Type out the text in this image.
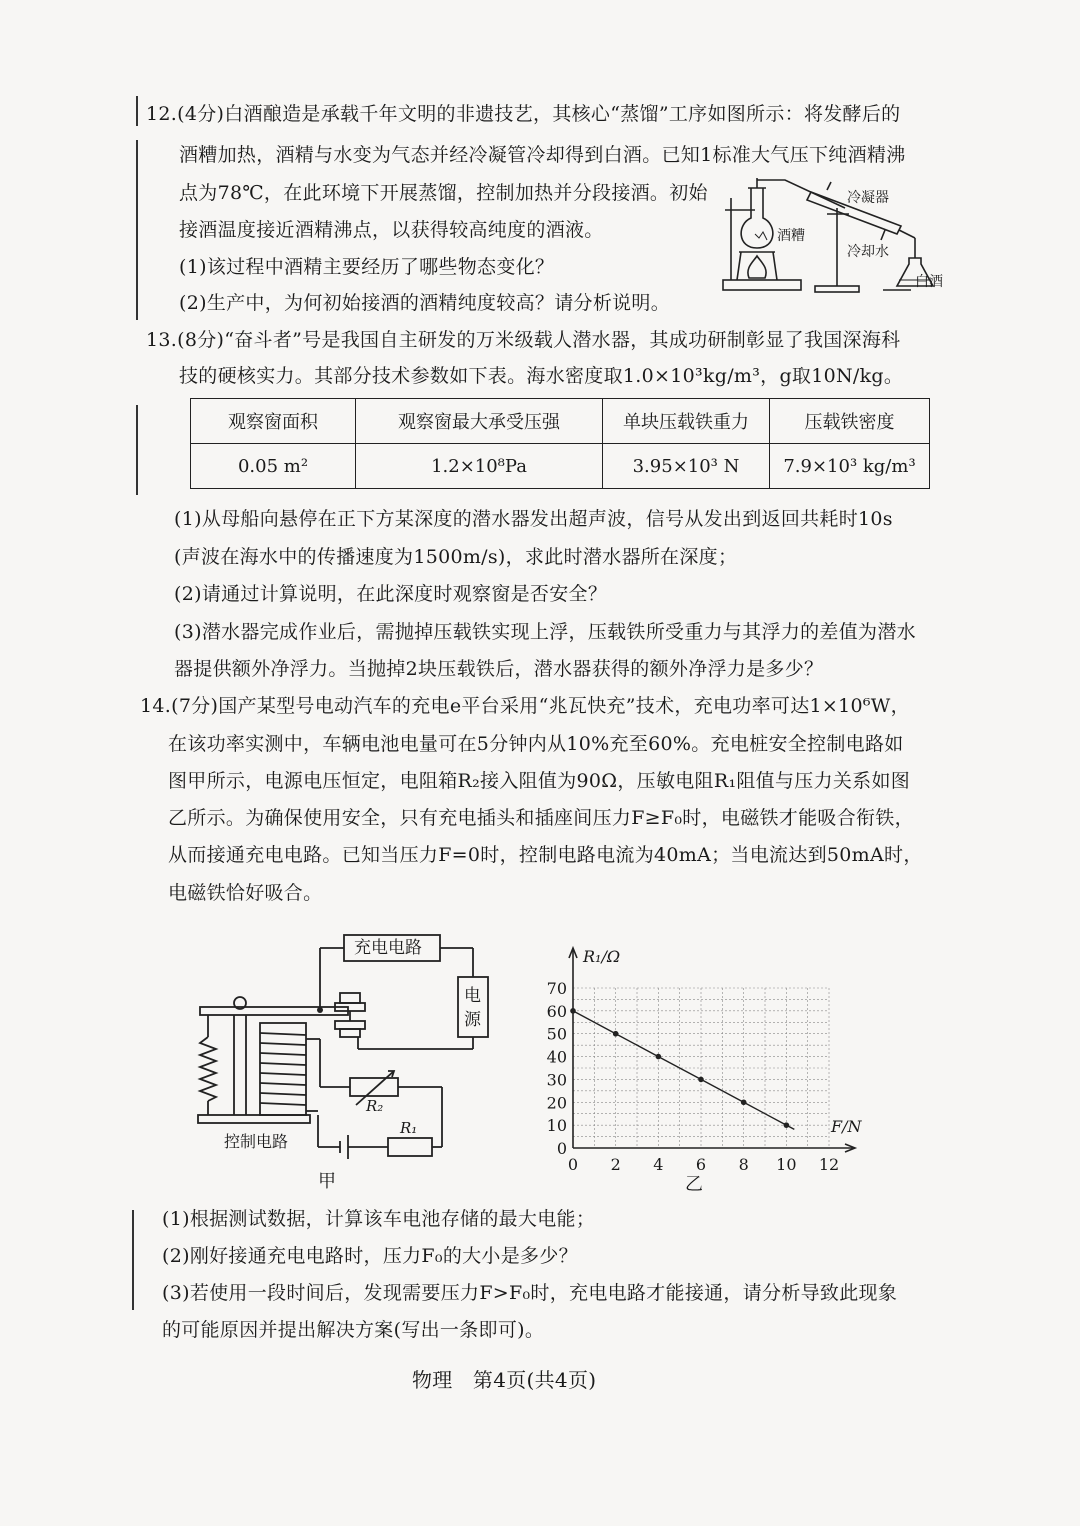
12.(4分)白酒酿造是承载千年文明的非遗技艺，其核心“蒸馏”工序如图所示：将发酵后的
酒糟加热，酒精与水变为气态并经冷凝管冷却得到白酒。已知1标准大气压下纯酒精沸
点为78℃，在此环境下开展蒸馏，控制加热并分段接酒。初始
接酒温度接近酒精沸点，以获得较高纯度的酒液。
(1)该过程中酒精主要经历了哪些物态变化？
(2)生产中，为何初始接酒的酒精纯度较高？请分析说明。
冷凝器
酒糟
冷却水
白酒
13.(8分)“奋斗者”号是我国自主研发的万米级载人潜水器，其成功研制彰显了我国深海科
技的硬核实力。其部分技术参数如下表。海水密度取1.0×10³kg/m³，g取10N/kg。
观察窗面积	观察窗最大承受压强	单块压载铁重力	压载铁密度
0.05 m²	1.2×10⁸Pa	3.95×10³ N	7.9×10³ kg/m³
(1)从母船向悬停在正下方某深度的潜水器发出超声波，信号从发出到返回共耗时10s
(声波在海水中的传播速度为1500m/s)，求此时潜水器所在深度；
(2)请通过计算说明，在此深度时观察窗是否安全？
(3)潜水器完成作业后，需抛掉压载铁实现上浮，压载铁所受重力与其浮力的差值为潜水
器提供额外净浮力。当抛掉2块压载铁后，潜水器获得的额外净浮力是多少？
14.(7分)国产某型号电动汽车的充电e平台采用“兆瓦快充”技术，充电功率可达1×10⁶W，
在该功率实测中，车辆电池电量可在5分钟内从10%充至60%。充电桩安全控制电路如
图甲所示，电源电压恒定，电阻箱R₂接入阻值为90Ω，压敏电阻R₁阻值与压力关系如图
乙所示。为确保使用安全，只有充电插头和插座间压力F≥F₀时，电磁铁才能吸合衔铁，
从而接通充电电路。已知当压力F=0时，控制电路电流为40mA；当电流达到50mA时，
电磁铁恰好吸合。
充电电路
电
源
R₂
R₁
控制电路
甲
0 2 4 6 8 10 12
0
10
20
30
40
50
60
70
R₁/Ω
F/N
乙
(1)根据测试数据，计算该车电池存储的最大电能；
(2)刚好接通充电电路时，压力F₀的大小是多少？
(3)若使用一段时间后，发现需要压力F>F₀时，充电电路才能接通，请分析导致此现象
的可能原因并提出解决方案(写出一条即可)。
物理　第4页(共4页)
